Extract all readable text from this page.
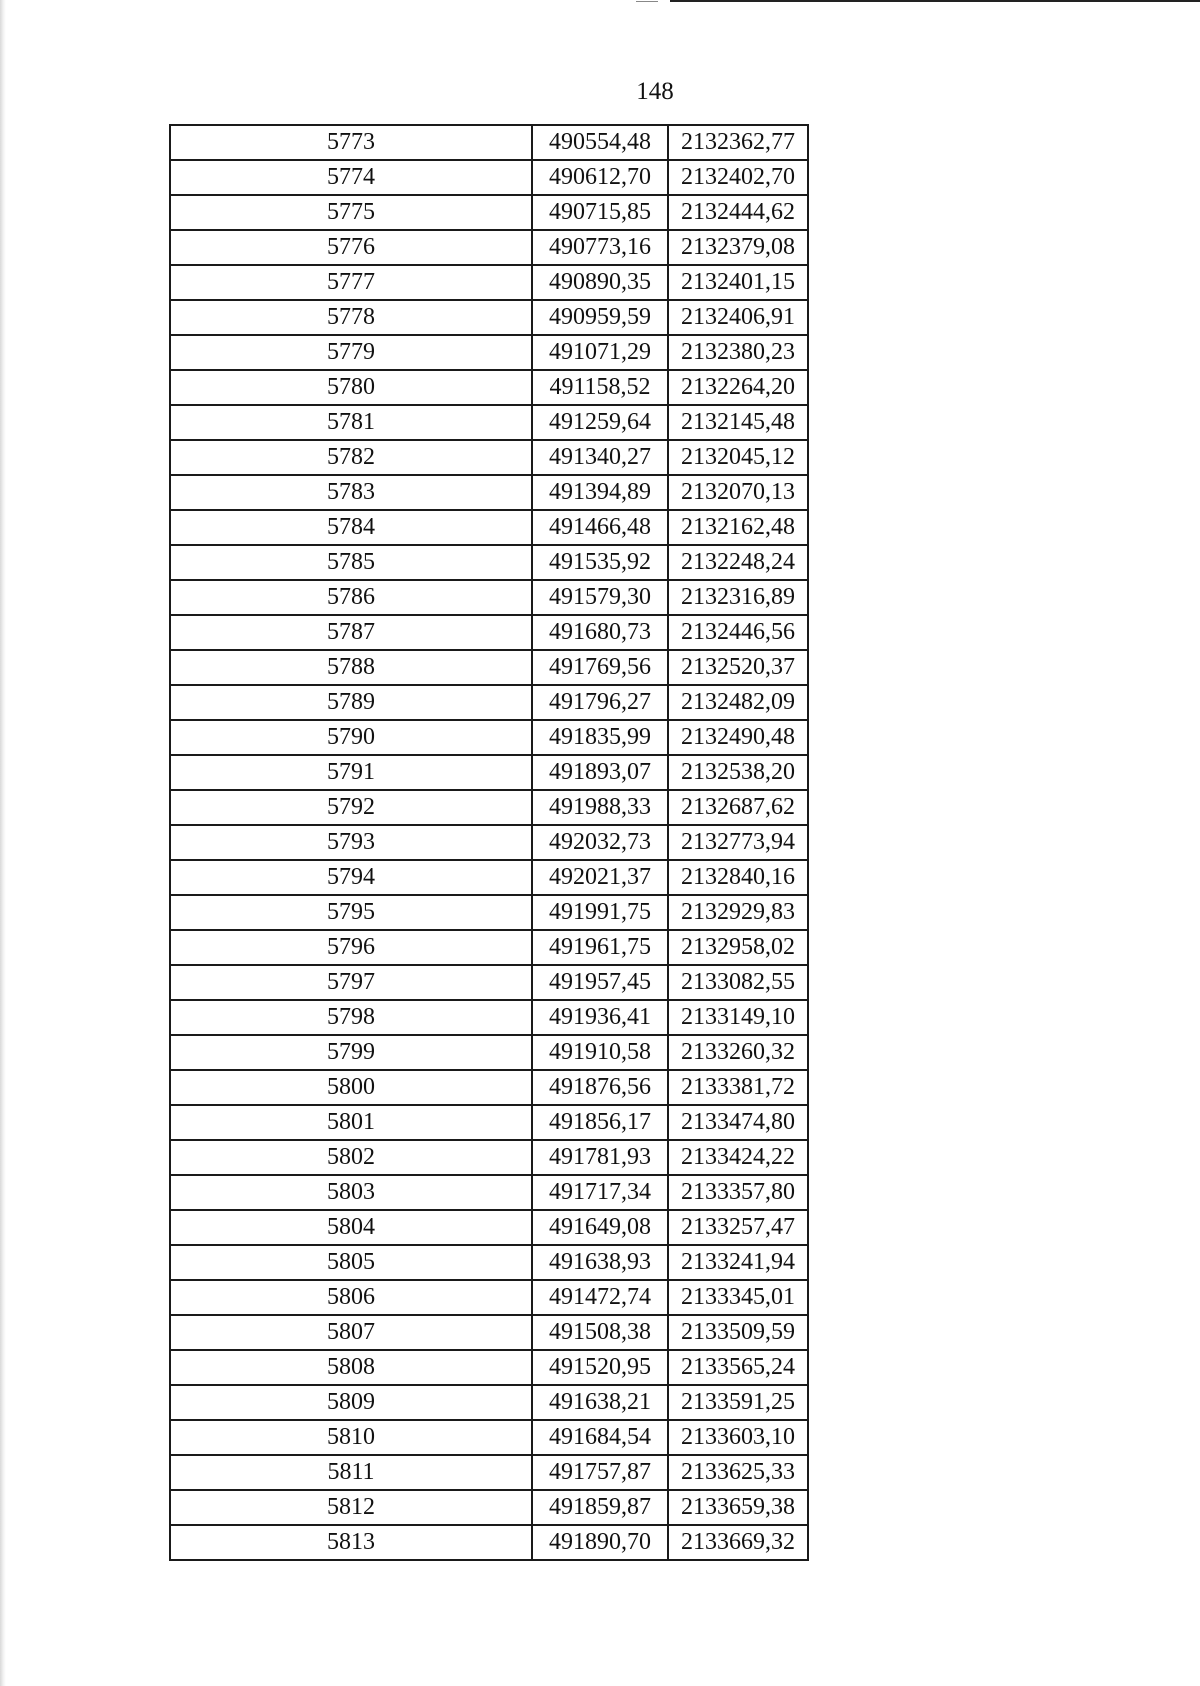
148
5773	490554,48	2132362,77
5774	490612,70	2132402,70
5775	490715,85	2132444,62
5776	490773,16	2132379,08
5777	490890,35	2132401,15
5778	490959,59	2132406,91
5779	491071,29	2132380,23
5780	491158,52	2132264,20
5781	491259,64	2132145,48
5782	491340,27	2132045,12
5783	491394,89	2132070,13
5784	491466,48	2132162,48
5785	491535,92	2132248,24
5786	491579,30	2132316,89
5787	491680,73	2132446,56
5788	491769,56	2132520,37
5789	491796,27	2132482,09
5790	491835,99	2132490,48
5791	491893,07	2132538,20
5792	491988,33	2132687,62
5793	492032,73	2132773,94
5794	492021,37	2132840,16
5795	491991,75	2132929,83
5796	491961,75	2132958,02
5797	491957,45	2133082,55
5798	491936,41	2133149,10
5799	491910,58	2133260,32
5800	491876,56	2133381,72
5801	491856,17	2133474,80
5802	491781,93	2133424,22
5803	491717,34	2133357,80
5804	491649,08	2133257,47
5805	491638,93	2133241,94
5806	491472,74	2133345,01
5807	491508,38	2133509,59
5808	491520,95	2133565,24
5809	491638,21	2133591,25
5810	491684,54	2133603,10
5811	491757,87	2133625,33
5812	491859,87	2133659,38
5813	491890,70	2133669,32
